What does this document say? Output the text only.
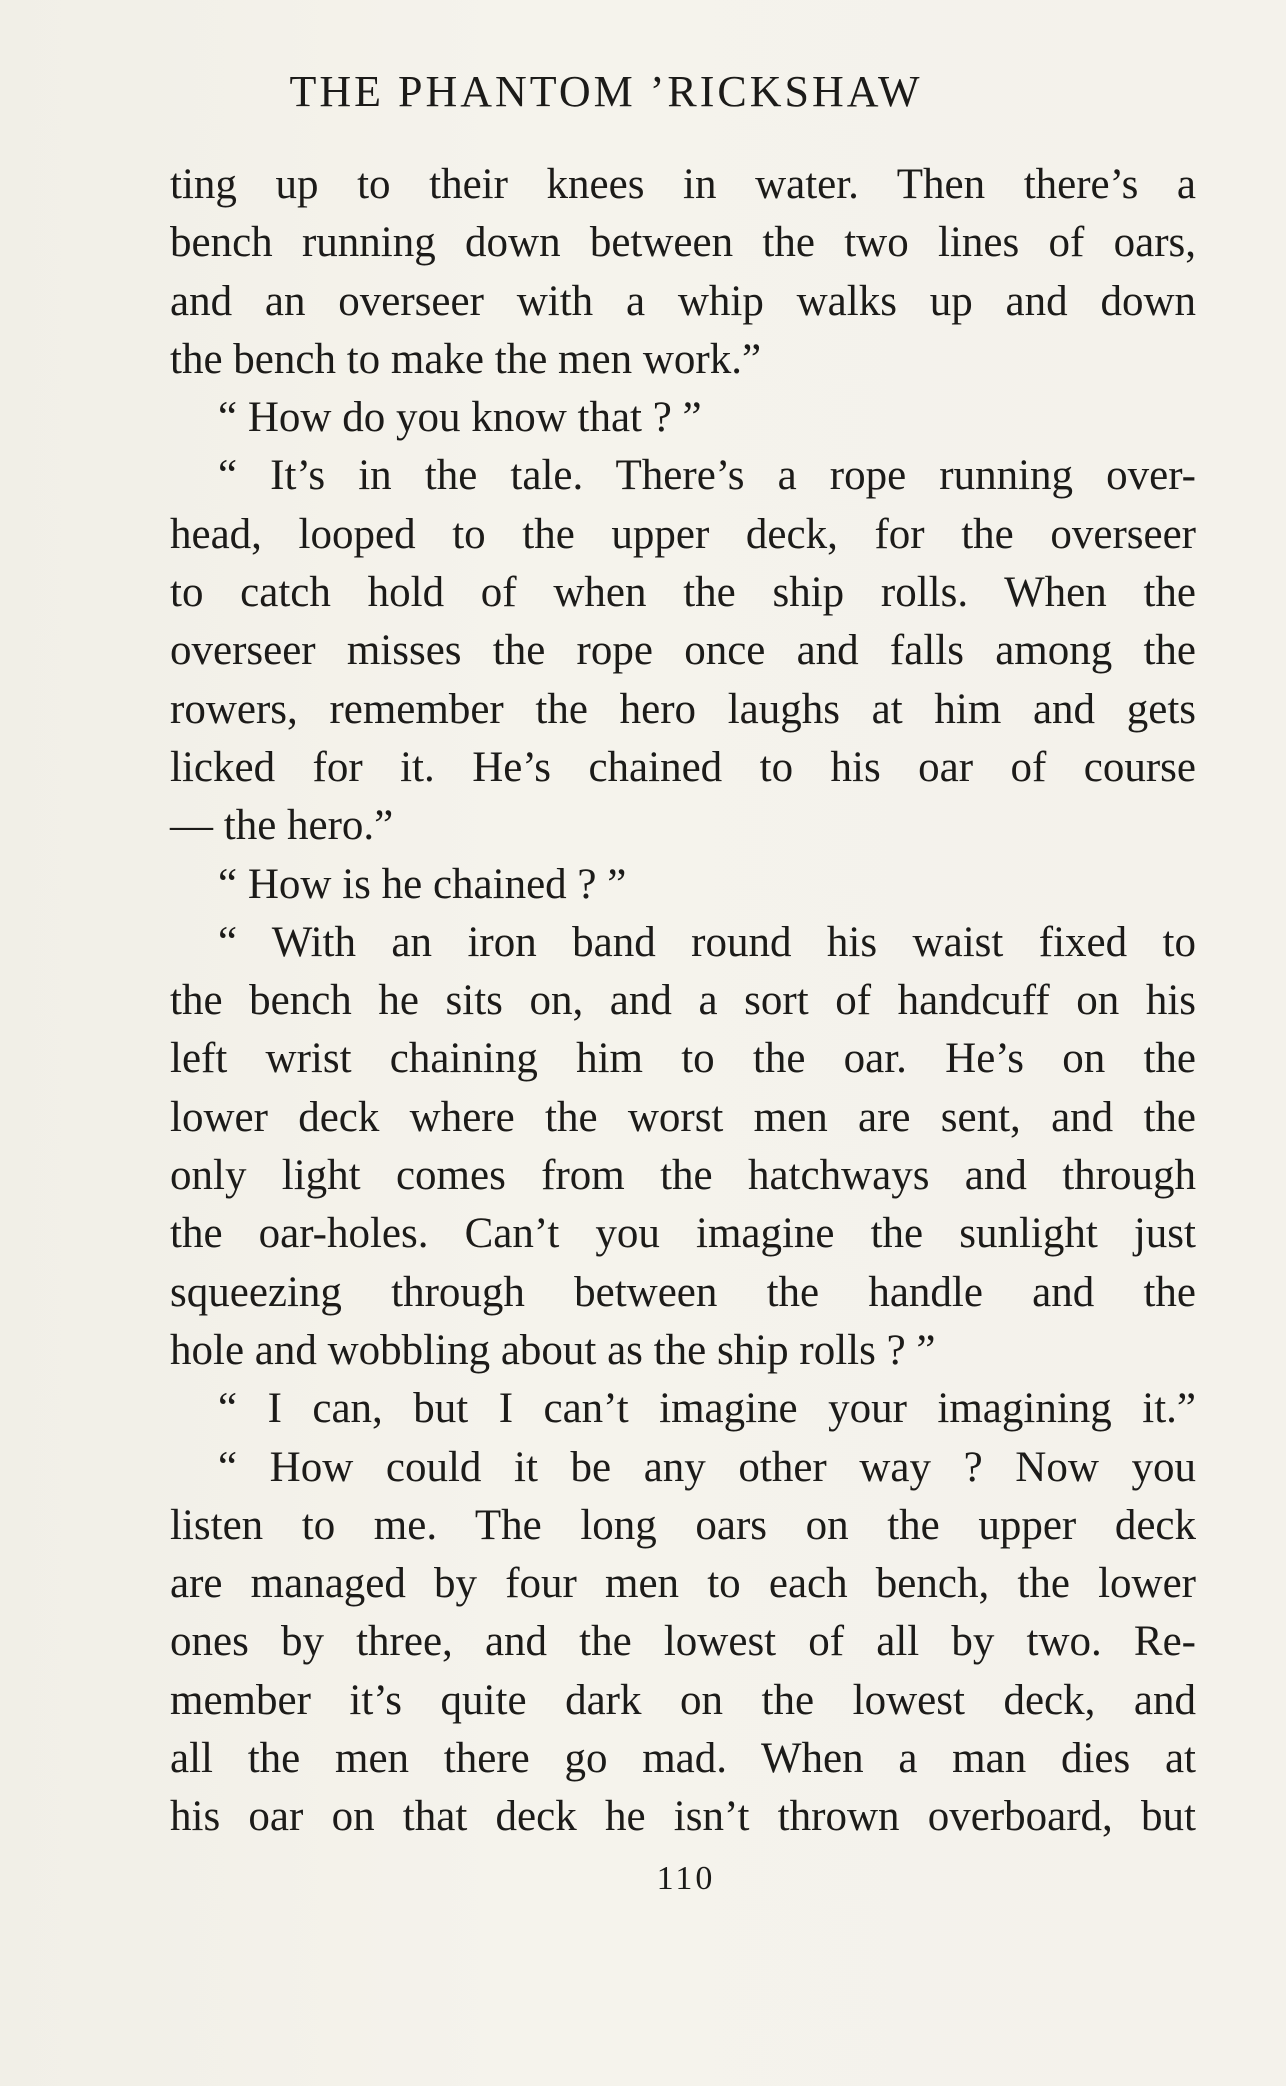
THE PHANTOM ’RICKSHAW
ting up to their knees in water. Then there’s a
bench running down between the two lines of oars,
and an overseer with a whip walks up and down
the bench to make the men work.”
“ How do you know that ? ”
“ It’s in the tale. There’s a rope running over-
head, looped to the upper deck, for the overseer
to catch hold of when the ship rolls. When the
overseer misses the rope once and falls among the
rowers, remember the hero laughs at him and gets
licked for it. He’s chained to his oar of course
— the hero.”
“ How is he chained ? ”
“ With an iron band round his waist fixed to
the bench he sits on, and a sort of handcuff on his
left wrist chaining him to the oar. He’s on the
lower deck where the worst men are sent, and the
only light comes from the hatchways and through
the oar-holes. Can’t you imagine the sunlight just
squeezing through between the handle and the
hole and wobbling about as the ship rolls ? ”
“ I can, but I can’t imagine your imagining it.”
“ How could it be any other way ? Now you
listen to me. The long oars on the upper deck
are managed by four men to each bench, the lower
ones by three, and the lowest of all by two. Re-
member it’s quite dark on the lowest deck, and
all the men there go mad. When a man dies at
his oar on that deck he isn’t thrown overboard, but
110
